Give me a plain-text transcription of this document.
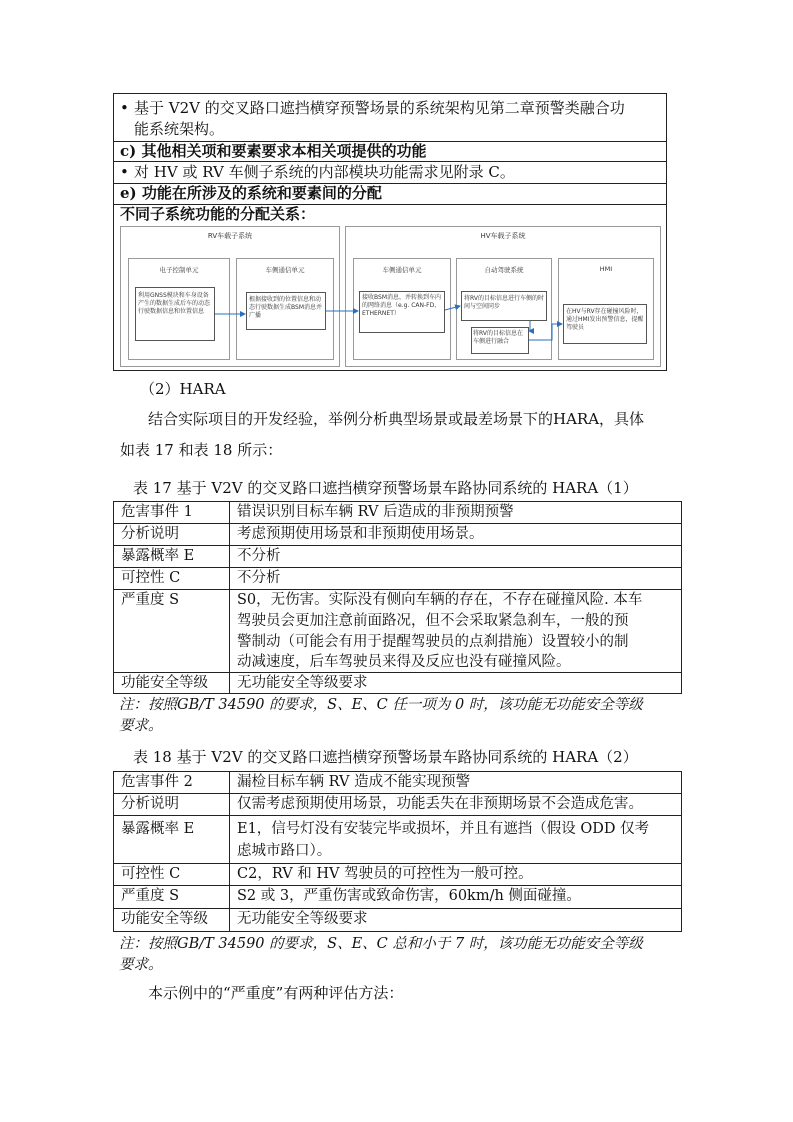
• 基于 V2V 的交叉路口遮挡横穿预警场景的系统架构见第二章预警类融合功
能系统架构。
c) 其他相关项和要素要求本相关项提供的功能
• 对 HV 或 RV 车侧子系统的内部模块功能需求见附录 C。
e) 功能在所涉及的系统和要素间的分配
不同子系统功能的分配关系：
RV车载子系统
电子控制单元
利用GNSS模块和车身设备产生的数据生成后车的动态行驶数据信息和位置信息
车侧通信单元
根据接收到的位置信息和动态行驶数据生成BSM消息并广播
HV车载子系统
车侧通信单元
接收BSM消息，并转换到车内的网络消息（e.g. CAN-FD、ETHERNET）
自动驾驶系统
将RV的目标信息进行车侧的时间与空间同步
将RV的目标信息在车侧进行融合
HMI
在HV与RV存在碰撞风险时，通过HMI发出预警信息，提醒驾驶员
（2）HARA
结合实际项目的开发经验，举例分析典型场景或最差场景下的HARA，具体
如表 17 和表 18 所示：
表 17 基于 V2V 的交叉路口遮挡横穿预警场景车路协同系统的 HARA（1）
危害事件 1	错误识别目标车辆 RV 后造成的非预期预警
分析说明	考虑预期使用场景和非预期使用场景。
暴露概率 E	不分析
可控性 C	不分析
严重度 S	S0，无伤害。实际没有侧向车辆的存在，不存在碰撞风险. 本车
驾驶员会更加注意前面路况，但不会采取紧急刹车，一般的预
警制动（可能会有用于提醒驾驶员的点刹措施）设置较小的制
动减速度，后车驾驶员来得及反应也没有碰撞风险。
功能安全等级 无功能安全等级要求
注：按照GB/T 34590 的要求，S、E、C 任一项为 0 时，该功能无功能安全等级
要求。
表 18 基于 V2V 的交叉路口遮挡横穿预警场景车路协同系统的 HARA（2）
危害事件 2	漏检目标车辆 RV 造成不能实现预警
分析说明	仅需考虑预期使用场景，功能丢失在非预期场景不会造成危害。
暴露概率 E	E1，信号灯没有安装完毕或损坏，并且有遮挡（假设 ODD 仅考
虑城市路口）。
可控性 C	C2，RV 和 HV 驾驶员的可控性为一般可控。
严重度 S	S2 或 3，严重伤害或致命伤害，60km/h 侧面碰撞。
功能安全等级 无功能安全等级要求
注：按照GB/T 34590 的要求，S、E、C 总和小于 7 时，该功能无功能安全等级
要求。
本示例中的“严重度”有两种评估方法：
